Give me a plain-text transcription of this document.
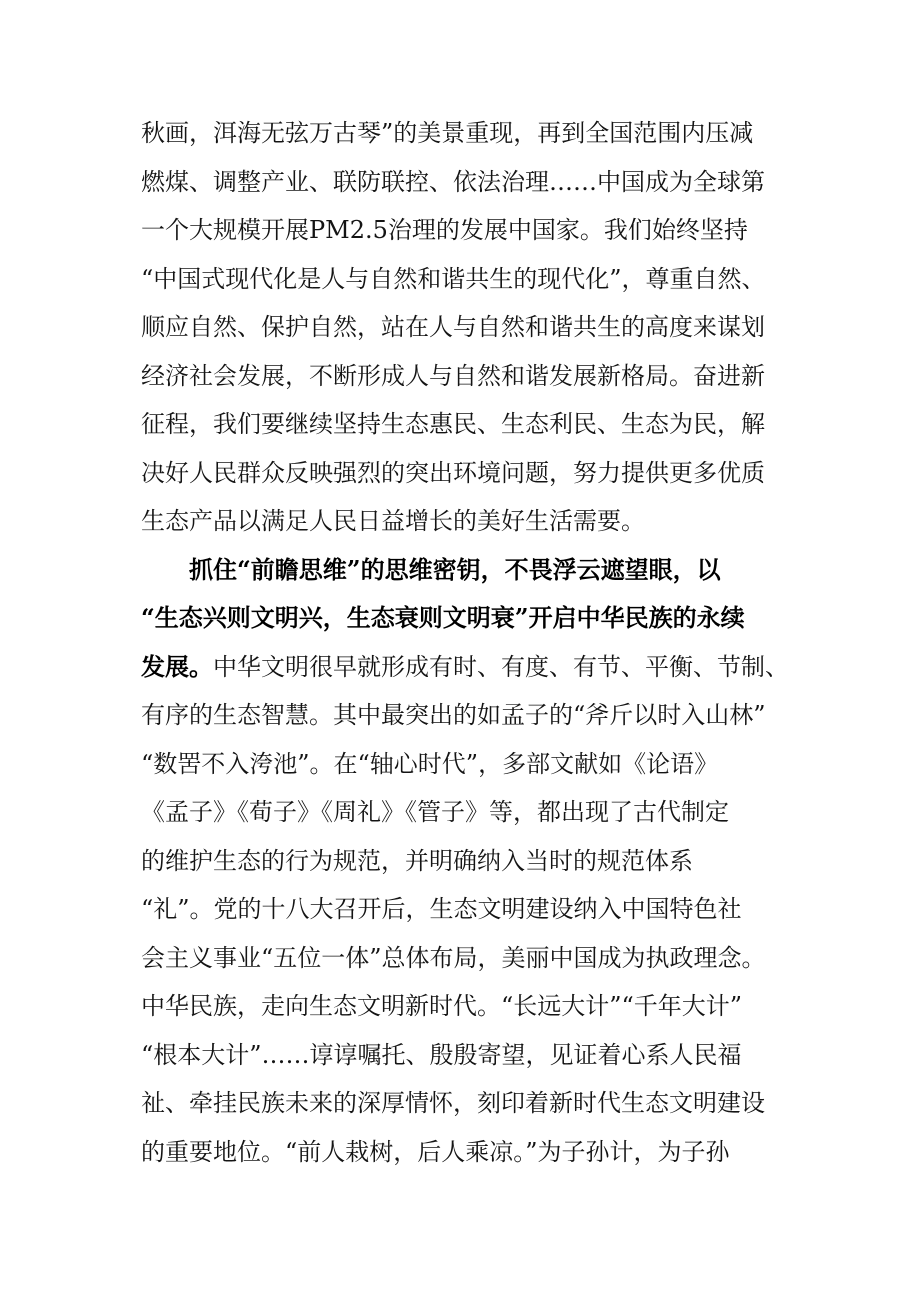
秋画，洱海无弦万古琴”的美景重现，再到全国范围内压减
燃煤、调整产业、联防联控、依法治理……中国成为全球第
一个大规模开展PM2.5治理的发展中国家。我们始终坚持
“中国式现代化是人与自然和谐共生的现代化”，尊重自然、
顺应自然、保护自然，站在人与自然和谐共生的高度来谋划
经济社会发展，不断形成人与自然和谐发展新格局。奋进新
征程，我们要继续坚持生态惠民、生态利民、生态为民，解
决好人民群众反映强烈的突出环境问题，努力提供更多优质
生态产品以满足人民日益增长的美好生活需要。
　　抓住“前瞻思维”的思维密钥，不畏浮云遮望眼，以
“生态兴则文明兴，生态衰则文明衰”开启中华民族的永续
发展。中华文明很早就形成有时、有度、有节、平衡、节制、
有序的生态智慧。其中最突出的如孟子的“斧斤以时入山林”
“数罟不入洿池”。在“轴心时代”，多部文献如《论语》
《孟子》《荀子》《周礼》《管子》等，都出现了古代制定
的维护生态的行为规范，并明确纳入当时的规范体系
“礼”。党的十八大召开后，生态文明建设纳入中国特色社
会主义事业“五位一体”总体布局，美丽中国成为执政理念。
中华民族，走向生态文明新时代。“长远大计”“千年大计”
“根本大计”……谆谆嘱托、殷殷寄望，见证着心系人民福
祉、牵挂民族未来的深厚情怀，刻印着新时代生态文明建设
的重要地位。“前人栽树，后人乘凉。”为子孙计，为子孙
